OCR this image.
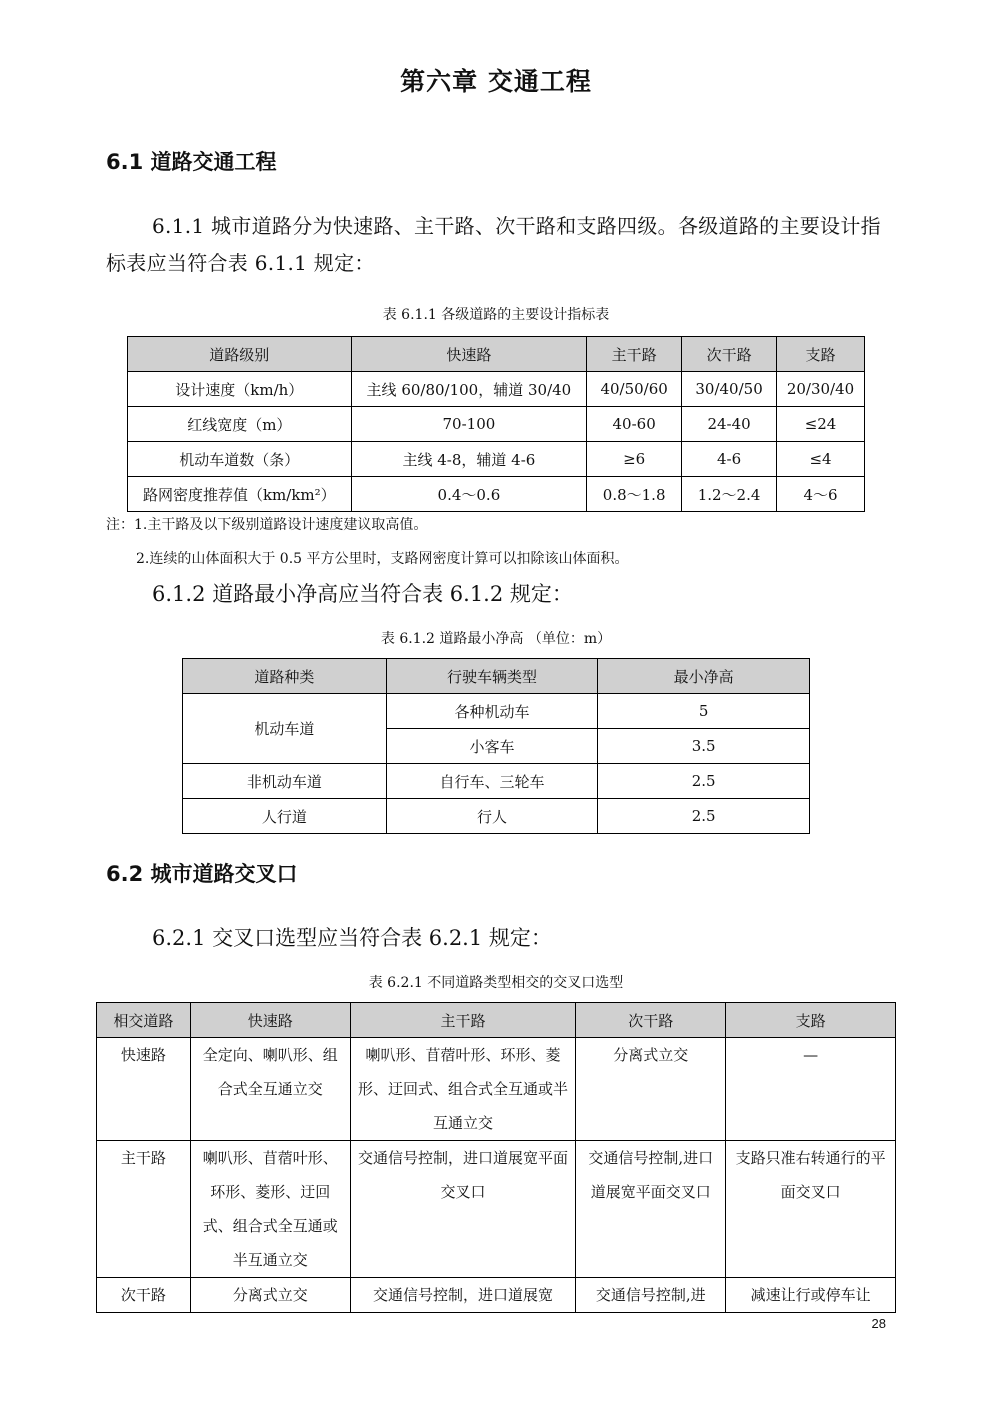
第六章 交通工程
6.1 道路交通工程
6.1.1 城市道路分为快速路、主干路、次干路和支路四级。各级道路的主要设计指标表应当符合表 6.1.1 规定：
表 6.1.1 各级道路的主要设计指标表
道路级别	快速路	主干路	次干路	支路
设计速度（km/h）	主线 60/80/100，辅道 30/40	40/50/60	30/40/50	20/30/40
红线宽度（m）	70-100	40-60	24-40	≤24
机动车道数（条）	主线 4-8，辅道 4-6	≥6	4-6	≤4
路网密度推荐值（km/km²）	0.4～0.6	0.8～1.8	1.2～2.4	4～6
注：1.主干路及以下级别道路设计速度建议取高值。
2.连续的山体面积大于 0.5 平方公里时，支路网密度计算可以扣除该山体面积。
6.1.2 道路最小净高应当符合表 6.1.2 规定：
表 6.1.2 道路最小净高 （单位：m）
道路种类	行驶车辆类型	最小净高
机动车道	各种机动车	5
	小客车	3.5
非机动车道	自行车、三轮车	2.5
人行道	行人	2.5
6.2 城市道路交叉口
6.2.1 交叉口选型应当符合表 6.2.1 规定：
表 6.2.1 不同道路类型相交的交叉口选型
相交道路	快速路	主干路	次干路	支路
快速路	全定向、喇叭形、组合式全互通立交	喇叭形、苜蓿叶形、环形、菱形、迂回式、组合式全互通或半互通立交	分离式立交	—
主干路	喇叭形、苜蓿叶形、环形、菱形、迂回式、组合式全互通或半互通立交	交通信号控制，进口道展宽平面交叉口	交通信号控制,进口道展宽平面交叉口	支路只准右转通行的平面交叉口
次干路	分离式立交	交通信号控制，进口道展宽	交通信号控制,进	减速让行或停车让
28
